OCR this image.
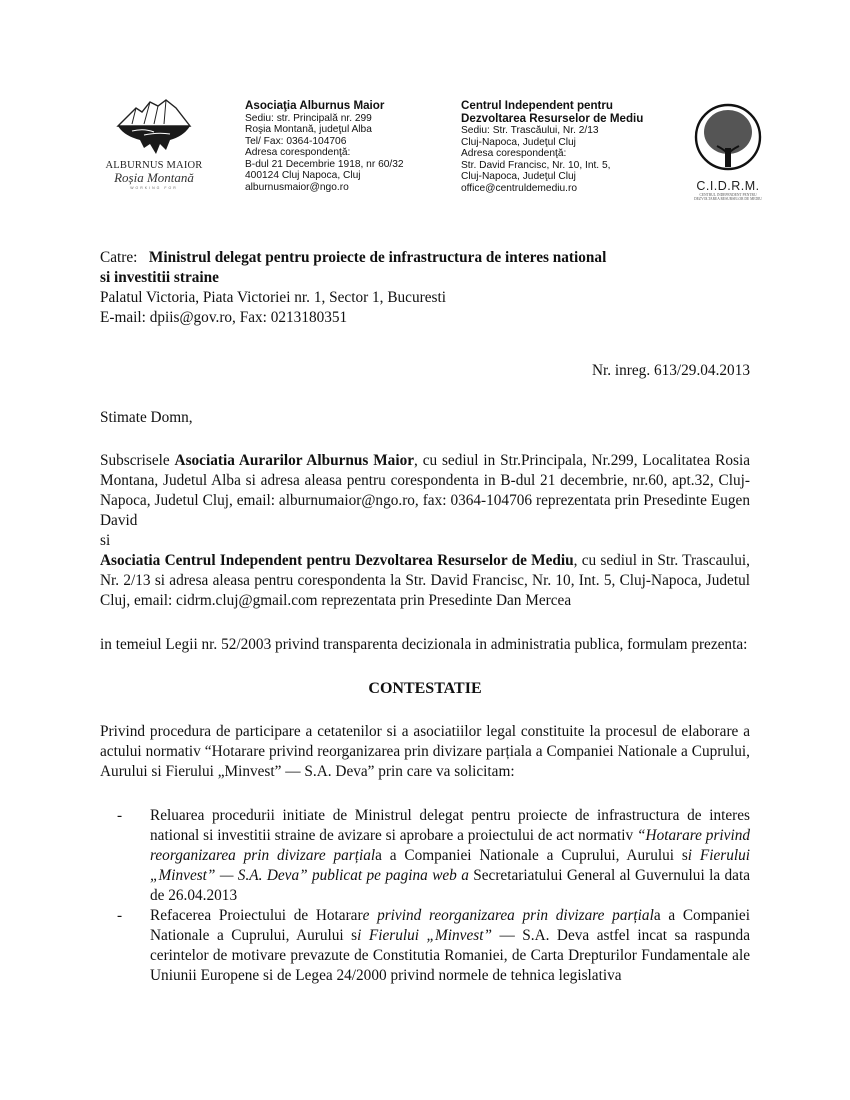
ALBURNUS MAIOR
Roșia Montană
WORKING FOR
Asociaţia Alburnus Maior
Sediu: str. Principală nr. 299
Roşia Montană, judeţul Alba
Tel/ Fax: 0364-104706
Adresa corespondenţă:
B-dul 21 Decembrie 1918, nr 60/32
400124 Cluj Napoca, Cluj
alburnusmaior@ngo.ro
Centrul Independent pentru
Dezvoltarea Resurselor de Mediu
Sediu: Str. Trascăului, Nr. 2/13
Cluj-Napoca, Judeţul Cluj
Adresa corespondenţă:
Str. David Francisc, Nr. 10, Int. 5,
Cluj-Napoca, Judeţul Cluj
office@centruldemediu.ro	C.I.D.R.M.
CENTRUL INDEPENDENT PENTRU
DEZVOLTAREA RESURSELOR DE MEDIU

Catre: Ministrul delegat pentru proiecte de infrastructura de interes national

si investitii straine

Palatul Victoria, Piata Victoriei nr. 1, Sector 1, Bucuresti

E-mail: dpiis@gov.ro, Fax: 0213180351

Nr. inreg. 613/29.04.2013

Stimate Domn,

Subscrisele Asociatia Aurarilor Alburnus Maior, cu sediul in Str.Principala, Nr.299, Localitatea Rosia Montana, Judetul Alba si adresa aleasa pentru corespondenta in B-dul 21 decembrie, nr.60, apt.32, Cluj-Napoca, Judetul Cluj, email: alburnumaior@ngo.ro, fax: 0364-104706 reprezentata prin Presedinte Eugen David

si

Asociatia Centrul Independent pentru Dezvoltarea Resurselor de Mediu, cu sediul in Str. Trascaului, Nr. 2/13 si adresa aleasa pentru corespondenta la Str. David Francisc, Nr. 10, Int. 5, Cluj-Napoca, Judetul Cluj, email: cidrm.cluj@gmail.com reprezentata prin Presedinte Dan Mercea

in temeiul Legii nr. 52/2003 privind transparenta decizionala in administratia publica, formulam prezenta:

CONTESTATIE

Privind procedura de participare a cetatenilor si a asociatiilor legal constituite la procesul de elaborare a actului normativ “Hotarare privind reorganizarea prin divizare parțiala a Companiei Nationale a Cuprului, Aurului si Fierului „Minvest” — S.A. Deva” prin care va solicitam:

- Reluarea procedurii initiate de Ministrul delegat pentru proiecte de infrastructura de interes national si investitii straine de avizare si aprobare a proiectului de act normativ “Hotarare privind reorganizarea prin divizare parțiala a Companiei Nationale a Cuprului, Aurului si Fierului „Minvest” — S.A. Deva” publicat pe pagina web a Secretariatului General al Guvernului la data de 26.04.2013
- Refacerea Proiectului de Hotarare privind reorganizarea prin divizare parțiala a Companiei Nationale a Cuprului, Aurului si Fierului „Minvest” — S.A. Deva astfel incat sa raspunda cerintelor de motivare prevazute de Constitutia Romaniei, de Carta Drepturilor Fundamentale ale Uniunii Europene si de Legea 24/2000 privind normele de tehnica legislativa
